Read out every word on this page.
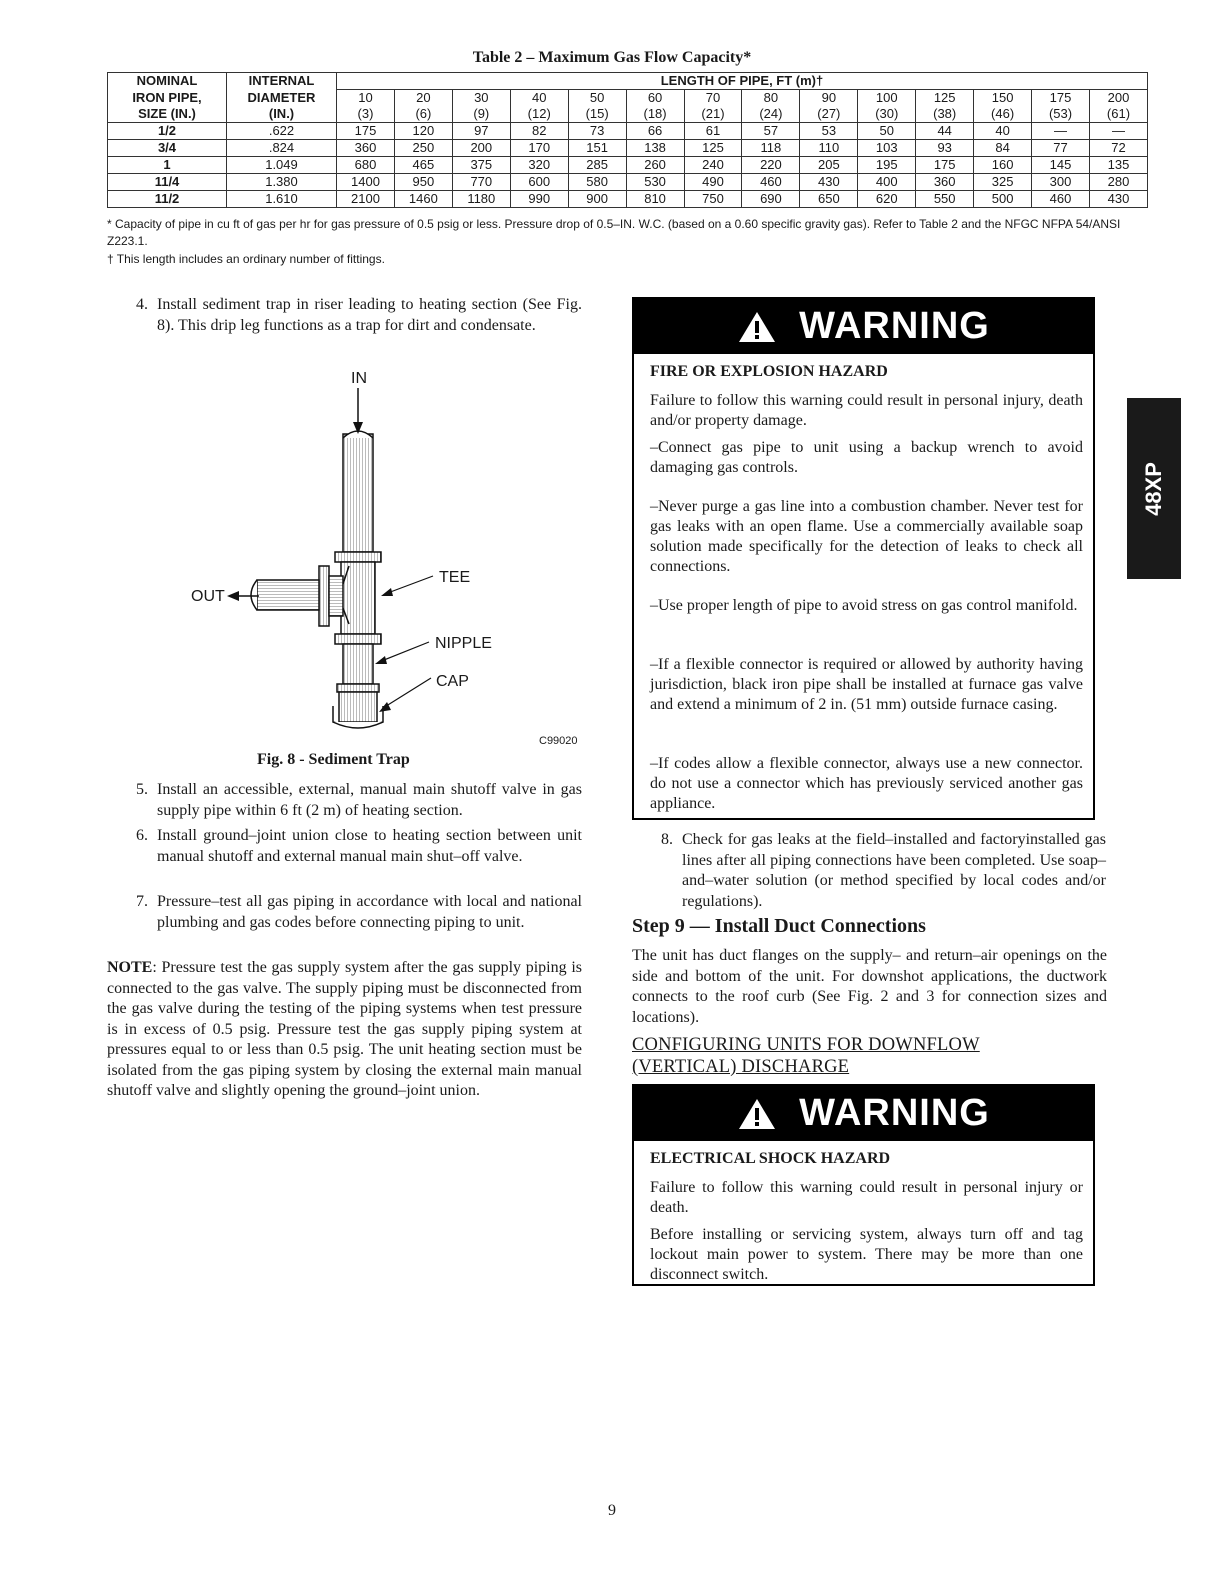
Table 2 – Maximum Gas Flow Capacity*
NOMINAL	INTERNAL	LENGTH OF PIPE, FT (m)†													
IRON PIPE,	DIAMETER	10	20	30	40	50	60	70	80	90	100	125	150	175	200
SIZE (IN.)	(IN.)	(3)	(6)	(9)	(12)	(15)	(18)	(21)	(24)	(27)	(30)	(38)	(46)	(53)	(61)
1/2	.622	175	120	97	82	73	66	61	57	53	50	44	40	—	—
3/4	.824	360	250	200	170	151	138	125	118	110	103	93	84	77	72
1	1.049	680	465	375	320	285	260	240	220	205	195	175	160	145	135
11/4	1.380	1400	950	770	600	580	530	490	460	430	400	360	325	300	280
11/2	1.610	2100	1460	1180	990	900	810	750	690	650	620	550	500	460	430
* Capacity of pipe in cu ft of gas per hr for gas pressure of 0.5 psig or less. Pressure drop of 0.5–IN. W.C. (based on a 0.60 specific gravity gas). Refer to Table 2 and the NFGC NFPA 54/ANSI Z223.1.
† This length includes an ordinary number of fittings.
4. Install sediment trap in riser leading to heating section (See Fig. 8). This drip leg functions as a trap for dirt and condensate.
IN
OUT
TEE
NIPPLE
CAP
C99020
Fig. 8 - Sediment Trap
5. Install an accessible, external, manual main shutoff valve in gas supply pipe within 6 ft (2 m) of heating section.
6. Install ground–joint union close to heating section between unit manual shutoff and external manual main shut–off valve.
7. Pressure–test all gas piping in accordance with local and national plumbing and gas codes before connecting piping to unit.
NOTE: Pressure test the gas supply system after the gas supply piping is connected to the gas valve. The supply piping must be disconnected from the gas valve during the testing of the piping systems when test pressure is in excess of 0.5 psig. Pressure test the gas supply piping system at pressures equal to or less than 0.5 psig. The unit heating section must be isolated from the gas piping system by closing the external main manual shutoff valve and slightly opening the ground–joint union.
WARNING
FIRE OR EXPLOSION HAZARD
Failure to follow this warning could result in personal injury, death and/or property damage.
–Connect gas pipe to unit using a backup wrench to avoid damaging gas controls.
–Never purge a gas line into a combustion chamber. Never test for gas leaks with an open flame. Use a commercially available soap solution made specifically for the detection of leaks to check all connections.
–Use proper length of pipe to avoid stress on gas control manifold.
–If a flexible connector is required or allowed by authority having jurisdiction, black iron pipe shall be installed at furnace gas valve and extend a minimum of 2 in. (51 mm) outside furnace casing.
–If codes allow a flexible connector, always use a new connector. do not use a connector which has previously serviced another gas appliance.
8. Check for gas leaks at the field–installed and factoryinstalled gas lines after all piping connections have been completed. Use soap–and–water solution (or method specified by local codes and/or regulations).
Step 9 — Install Duct Connections
The unit has duct flanges on the supply– and return–air openings on the side and bottom of the unit. For downshot applications, the ductwork connects to the roof curb (See Fig. 2 and 3 for connection sizes and locations).
CONFIGURING UNITS FOR DOWNFLOW
(VERTICAL) DISCHARGE
WARNING
ELECTRICAL SHOCK HAZARD
Failure to follow this warning could result in personal injury or death.
Before installing or servicing system, always turn off and tag lockout main power to system. There may be more than one disconnect switch.
48XP
9
